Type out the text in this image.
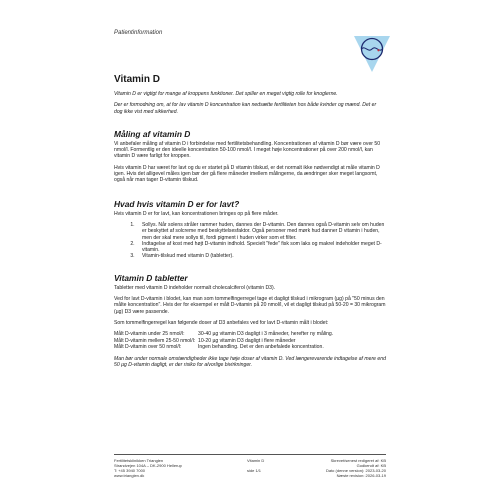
Patientinformation
Vitamin D

Vitamin D er vigtigt for mange af kroppens funktioner. Det spiller en meget vigtig rolle for knoglerne.

Der er formodning om, at for lav vitamin D koncentration kan nedsætte fertiliteten hos både kvinder og mænd. Det er dog ikke vist med sikkerhed.

Måling af vitamin D

Vi anbefaler måling af vitamin D i forbindelse med fertilitetsbehandling. Koncentrationen af vitamin D bør være over 50 nmol/l. Formentlig er den ideelle koncentration 50-100 nmol/l. I meget høje koncentrationer på over 200 nmol/l, kan vitamin D være farligt for kroppen.

Hvis vitamin D har været for lavt og du er startet på D vitamin tilskud, er det normalt ikke nødvendigt at måle vitamin D igen. Hvis det alligevel måles igen bør der gå flere måneder imellem målingerne, da ændringer sker meget langsomt, også når man tager D-vitamin tilskud.

Hvad hvis vitamin D er for lavt?

Hvis vitamin D er for lavt, kan koncentrationen bringes op på flere måder.

1. Sollys. Når solens stråler rammer huden, dannes der D-vitamin. Den dannes også D-vitamin selv om huden er beskyttet af solcreme med beskyttelsesfaktor. Også personer med mørk hud danner D vitamin i huden, men der skal mere sollys til, fordi pigment i huden virker som et filter.
2. Indtagelse af kost med højt D-vitamin indhold. Specielt "fede" fisk som laks og makrel indeholder meget D-vitamin.
3. Vitamin-tilskud med vitamin D (tabletter).
Vitamin D tabletter

Tabletter med vitamin D indeholder normalt cholecalciferol (vitamin D3).

Ved for lavt D-vitamin i blodet, kan man som tommelfingerregel tage et dagligt tilskud i mikrogram (µg) på "50 minus den målte koncentration". Hvis der for eksempel er målt D-vitamin på 20 nmol/l, vil et dagligt tilskud på 50-20 = 30 mikrogram (µg) D3 være passende.

Som tommelfingerregel kan følgende doser af D3 anbefales ved for lavt D-vitamin målt i blodet:

Målt D-vitamin under 25 nmol/l:	30-40 µg vitamin D3 dagligt i 3 måneder, herefter ny måling.
Målt D-vitamin mellem 25-50 nmol/l:	10-20 µg vitamin D3 dagligt i flere måneder
Målt D-vitamin over 50 nmol/l:	Ingen behandling. Det er den anbefalede koncentration.

Man bør under normale omstændigheder ikke tage høje doser af vitamin D. Ved længerevarende indtagelse af mere end 50 µg D-vitamin dagligt, er der risiko for alvorlige bivirkninger.

Fertilitetsklinikken Trianglen
Strandvejen 104A – DK-2900 Hellerup
T: +45 3940 7000
www.trianglen.dk
Vitamin D
side 1/1
Skrevet/senest redigeret af: KB
Godkendt af: KB
Dato (denne version): 2023-03-20
Næste revision: 2026-03-19
